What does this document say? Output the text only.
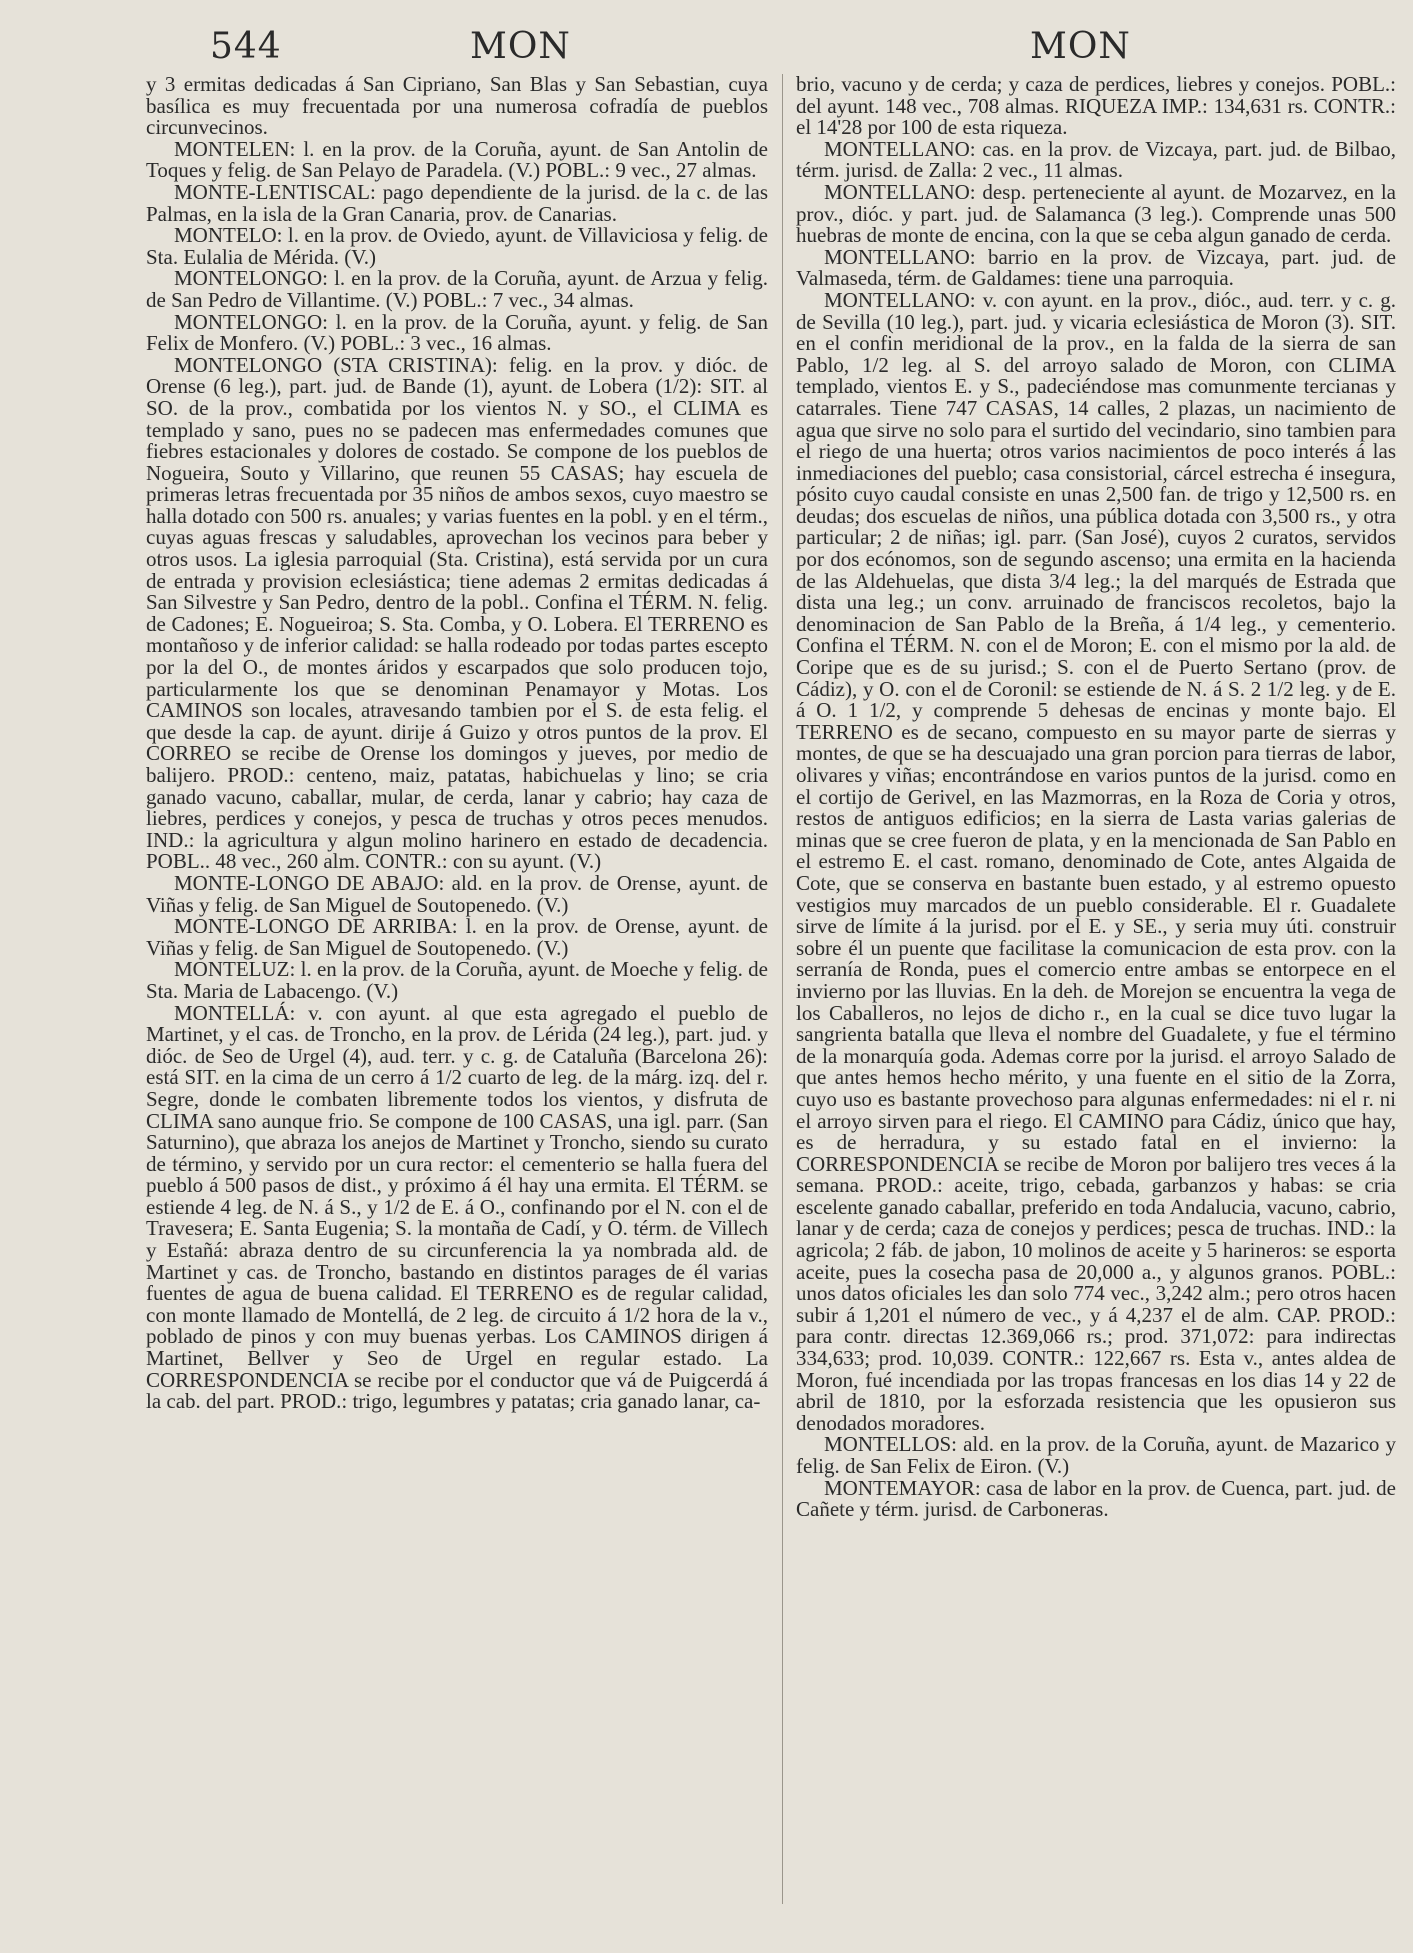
544	MON	MON

y 3 ermitas dedicadas á San Cipriano, San Blas y San Sebastian, cuya basílica es muy frecuentada por una numerosa cofradía de pueblos circunvecinos.

MONTELEN: l. en la prov. de la Coruña, ayunt. de San Antolin de Toques y felig. de San Pelayo de Paradela. (V.) POBL.: 9 vec., 27 almas.

MONTE-LENTISCAL: pago dependiente de la jurisd. de la c. de las Palmas, en la isla de la Gran Canaria, prov. de Canarias.

MONTELO: l. en la prov. de Oviedo, ayunt. de Villaviciosa y felig. de Sta. Eulalia de Mérida. (V.)

MONTELONGO: l. en la prov. de la Coruña, ayunt. de Arzua y felig. de San Pedro de Villantime. (V.) POBL.: 7 vec., 34 almas.

MONTELONGO: l. en la prov. de la Coruña, ayunt. y felig. de San Felix de Monfero. (V.) POBL.: 3 vec., 16 almas.

MONTELONGO (STA CRISTINA): felig. en la prov. y dióc. de Orense (6 leg.), part. jud. de Bande (1), ayunt. de Lobera (1/2): SIT. al SO. de la prov., combatida por los vientos N. y SO., el CLIMA es templado y sano, pues no se padecen mas enfermedades comunes que fiebres estacionales y dolores de costado. Se compone de los pueblos de Nogueira, Souto y Villarino, que reunen 55 CASAS; hay escuela de primeras letras frecuentada por 35 niños de ambos sexos, cuyo maestro se halla dotado con 500 rs. anuales; y varias fuentes en la pobl. y en el térm., cuyas aguas frescas y saludables, aprovechan los vecinos para beber y otros usos. La iglesia parroquial (Sta. Cristina), está servida por un cura de entrada y provision eclesiástica; tiene ademas 2 ermitas dedicadas á San Silvestre y San Pedro, dentro de la pobl.. Confina el TÉRM. N. felig. de Cadones; E. Nogueiroa; S. Sta. Comba, y O. Lobera. El TERRENO es montañoso y de inferior calidad: se halla rodeado por todas partes escepto por la del O., de montes áridos y escarpados que solo producen tojo, particularmente los que se denominan Penamayor y Motas. Los CAMINOS son locales, atravesando tambien por el S. de esta felig. el que desde la cap. de ayunt. dirije á Guizo y otros puntos de la prov. El CORREO se recibe de Orense los domingos y jueves, por medio de balijero. PROD.: centeno, maiz, patatas, habichuelas y lino; se cria ganado vacuno, caballar, mular, de cerda, lanar y cabrio; hay caza de liebres, perdices y conejos, y pesca de truchas y otros peces menudos. IND.: la agricultura y algun molino harinero en estado de decadencia. POBL.. 48 vec., 260 alm. CONTR.: con su ayunt. (V.)

MONTE-LONGO DE ABAJO: ald. en la prov. de Orense, ayunt. de Viñas y felig. de San Miguel de Soutopenedo. (V.)

MONTE-LONGO DE ARRIBA: l. en la prov. de Orense, ayunt. de Viñas y felig. de San Miguel de Soutopenedo. (V.)

MONTELUZ: l. en la prov. de la Coruña, ayunt. de Moeche y felig. de Sta. Maria de Labacengo. (V.)

MONTELLÁ: v. con ayunt. al que esta agregado el pueblo de Martinet, y el cas. de Troncho, en la prov. de Lérida (24 leg.), part. jud. y dióc. de Seo de Urgel (4), aud. terr. y c. g. de Cataluña (Barcelona 26): está SIT. en la cima de un cerro á 1/2 cuarto de leg. de la márg. izq. del r. Segre, donde le combaten libremente todos los vientos, y disfruta de CLIMA sano aunque frio. Se compone de 100 CASAS, una igl. parr. (San Saturnino), que abraza los anejos de Martinet y Troncho, siendo su curato de término, y servido por un cura rector: el cementerio se halla fuera del pueblo á 500 pasos de dist., y próximo á él hay una ermita. El TÉRM. se estiende 4 leg. de N. á S., y 1/2 de E. á O., confinando por el N. con el de Travesera; E. Santa Eugenia; S. la montaña de Cadí, y O. térm. de Villech y Estañá: abraza dentro de su circunferencia la ya nombrada ald. de Martinet y cas. de Troncho, bastando en distintos parages de él varias fuentes de agua de buena calidad. El TERRENO es de regular calidad, con monte llamado de Montellá, de 2 leg. de circuito á 1/2 hora de la v., poblado de pinos y con muy buenas yerbas. Los CAMINOS dirigen á Martinet, Bellver y Seo de Urgel en regular estado. La CORRESPONDENCIA se recibe por el conductor que vá de Puigcerdá á la cab. del part. PROD.: trigo, legumbres y patatas; cria ganado lanar, ca-

brio, vacuno y de cerda; y caza de perdices, liebres y conejos. POBL.: del ayunt. 148 vec., 708 almas. RIQUEZA IMP.: 134,631 rs. CONTR.: el 14'28 por 100 de esta riqueza.

MONTELLANO: cas. en la prov. de Vizcaya, part. jud. de Bilbao, térm. jurisd. de Zalla: 2 vec., 11 almas.

MONTELLANO: desp. perteneciente al ayunt. de Mozarvez, en la prov., dióc. y part. jud. de Salamanca (3 leg.). Comprende unas 500 huebras de monte de encina, con la que se ceba algun ganado de cerda.

MONTELLANO: barrio en la prov. de Vizcaya, part. jud. de Valmaseda, térm. de Galdames: tiene una parroquia.

MONTELLANO: v. con ayunt. en la prov., dióc., aud. terr. y c. g. de Sevilla (10 leg.), part. jud. y vicaria eclesiástica de Moron (3). SIT. en el confin meridional de la prov., en la falda de la sierra de san Pablo, 1/2 leg. al S. del arroyo salado de Moron, con CLIMA templado, vientos E. y S., padeciéndose mas comunmente tercianas y catarrales. Tiene 747 CASAS, 14 calles, 2 plazas, un nacimiento de agua que sirve no solo para el surtido del vecindario, sino tambien para el riego de una huerta; otros varios nacimientos de poco interés á las inmediaciones del pueblo; casa consistorial, cárcel estrecha é insegura, pósito cuyo caudal consiste en unas 2,500 fan. de trigo y 12,500 rs. en deudas; dos escuelas de niños, una pública dotada con 3,500 rs., y otra particular; 2 de niñas; igl. parr. (San José), cuyos 2 curatos, servidos por dos ecónomos, son de segundo ascenso; una ermita en la hacienda de las Aldehuelas, que dista 3/4 leg.; la del marqués de Estrada que dista una leg.; un conv. arruinado de franciscos recoletos, bajo la denominacion de San Pablo de la Breña, á 1/4 leg., y cementerio. Confina el TÉRM. N. con el de Moron; E. con el mismo por la ald. de Coripe que es de su jurisd.; S. con el de Puerto Sertano (prov. de Cádiz), y O. con el de Coronil: se estiende de N. á S. 2 1/2 leg. y de E. á O. 1 1/2, y comprende 5 dehesas de encinas y monte bajo. El TERRENO es de secano, compuesto en su mayor parte de sierras y montes, de que se ha descuajado una gran porcion para tierras de labor, olivares y viñas; encontrándose en varios puntos de la jurisd. como en el cortijo de Gerivel, en las Mazmorras, en la Roza de Coria y otros, restos de antiguos edificios; en la sierra de Lasta varias galerias de minas que se cree fueron de plata, y en la mencionada de San Pablo en el estremo E. el cast. romano, denominado de Cote, antes Algaida de Cote, que se conserva en bastante buen estado, y al estremo opuesto vestigios muy marcados de un pueblo considerable. El r. Guadalete sirve de límite á la jurisd. por el E. y SE., y seria muy úti. construir sobre él un puente que facilitase la comunicacion de esta prov. con la serranía de Ronda, pues el comercio entre ambas se entorpece en el invierno por las lluvias. En la deh. de Morejon se encuentra la vega de los Caballeros, no lejos de dicho r., en la cual se dice tuvo lugar la sangrienta batalla que lleva el nombre del Guadalete, y fue el término de la monarquía goda. Ademas corre por la jurisd. el arroyo Salado de que antes hemos hecho mérito, y una fuente en el sitio de la Zorra, cuyo uso es bastante provechoso para algunas enfermedades: ni el r. ni el arroyo sirven para el riego. El CAMINO para Cádiz, único que hay, es de herradura, y su estado fatal en el invierno: la CORRESPONDENCIA se recibe de Moron por balijero tres veces á la semana. PROD.: aceite, trigo, cebada, garbanzos y habas: se cria escelente ganado caballar, preferido en toda Andalucia, vacuno, cabrio, lanar y de cerda; caza de conejos y perdices; pesca de truchas. IND.: la agricola; 2 fáb. de jabon, 10 molinos de aceite y 5 harineros: se esporta aceite, pues la cosecha pasa de 20,000 a., y algunos granos. POBL.: unos datos oficiales les dan solo 774 vec., 3,242 alm.; pero otros hacen subir á 1,201 el número de vec., y á 4,237 el de alm. CAP. PROD.: para contr. directas 12.369,066 rs.; prod. 371,072: para indirectas 334,633; prod. 10,039. CONTR.: 122,667 rs. Esta v., antes aldea de Moron, fué incendiada por las tropas francesas en los dias 14 y 22 de abril de 1810, por la esforzada resistencia que les opusieron sus denodados moradores.

MONTELLOS: ald. en la prov. de la Coruña, ayunt. de Mazarico y felig. de San Felix de Eiron. (V.)

MONTEMAYOR: casa de labor en la prov. de Cuenca, part. jud. de Cañete y térm. jurisd. de Carboneras.
